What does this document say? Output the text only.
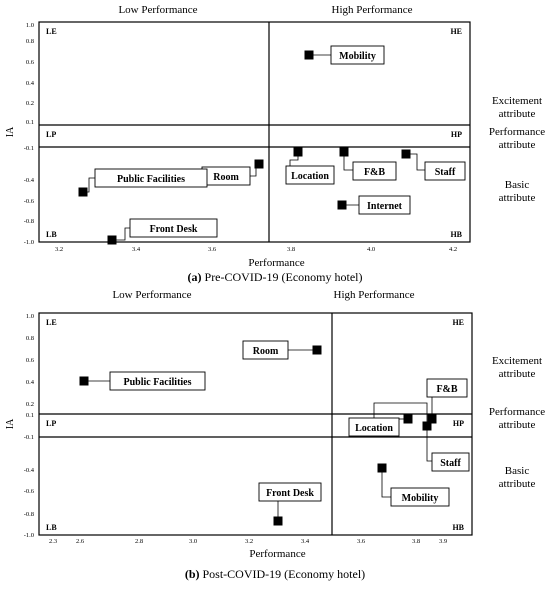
LE	HE
LP	HP
LB	HB
Low Performance	High Performance
Excitement
attribute
Performance
attribute
Basic
attribute
1.0
0.8
0.6
0.4
0.2
0.1
-0.1
-0.4
-0.6
-0.8
-1.0
3.2	3.4	3.6	3.8	4.0	4.2
IA
Performance
(a) Pre-COVID-19 (Economy hotel)
Mobility
Location	F&B	Staff
Room
Internet
Public Facilities
Front Desk
LE	HE
LP	HP
LB	HB
Low Performance	High Performance
Excitement
attribute
Performance
attribute
Basic
attribute
1.0
0.8
0.6
0.4
0.2
0.1
-0.1
-0.4
-0.6
-0.8
-1.0
2.3	2.6	2.8	3.0	3.2	3.4	3.6	3.8	3.9
IA
Performance
(b) Post-COVID-19 (Economy hotel)
Room
Public Facilities
F&B
Location
Staff
Mobility
Front Desk
